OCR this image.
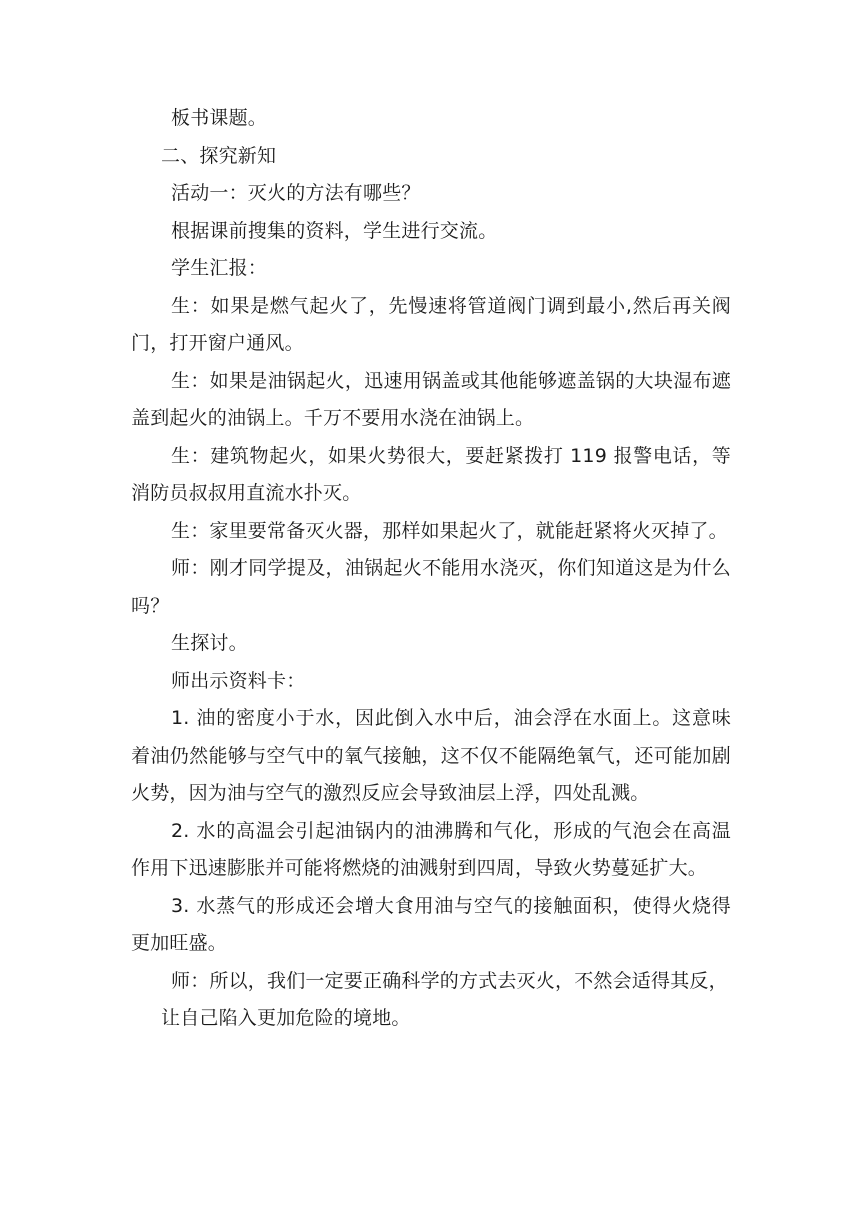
板书课题。

二、探究新知

活动一：灭火的方法有哪些？

根据课前搜集的资料，学生进行交流。

学生汇报：

生：如果是燃气起火了，先慢速将管道阀门调到最小,然后再关阀门，打开窗户通风。

生：如果是油锅起火，迅速用锅盖或其他能够遮盖锅的大块湿布遮盖到起火的油锅上。千万不要用水浇在油锅上。

生：建筑物起火，如果火势很大，要赶紧拨打 119 报警电话，等消防员叔叔用直流水扑灭。

生：家里要常备灭火器，那样如果起火了，就能赶紧将火灭掉了。

师：刚才同学提及，油锅起火不能用水浇灭，你们知道这是为什么吗？

生探讨。

师出示资料卡：

1. 油的密度小于水，因此倒入水中后，油会浮在水面上。这意味着油仍然能够与空气中的氧气接触，这不仅不能隔绝氧气，还可能加剧火势，因为油与空气的激烈反应会导致油层上浮，四处乱溅。

2. 水的高温会引起油锅内的油沸腾和气化，形成的气泡会在高温作用下迅速膨胀并可能将燃烧的油溅射到四周，导致火势蔓延扩大。

3. 水蒸气的形成还会增大食用油与空气的接触面积，使得火烧得更加旺盛。

师：所以，我们一定要正确科学的方式去灭火，不然会适得其反，

让自己陷入更加危险的境地。
